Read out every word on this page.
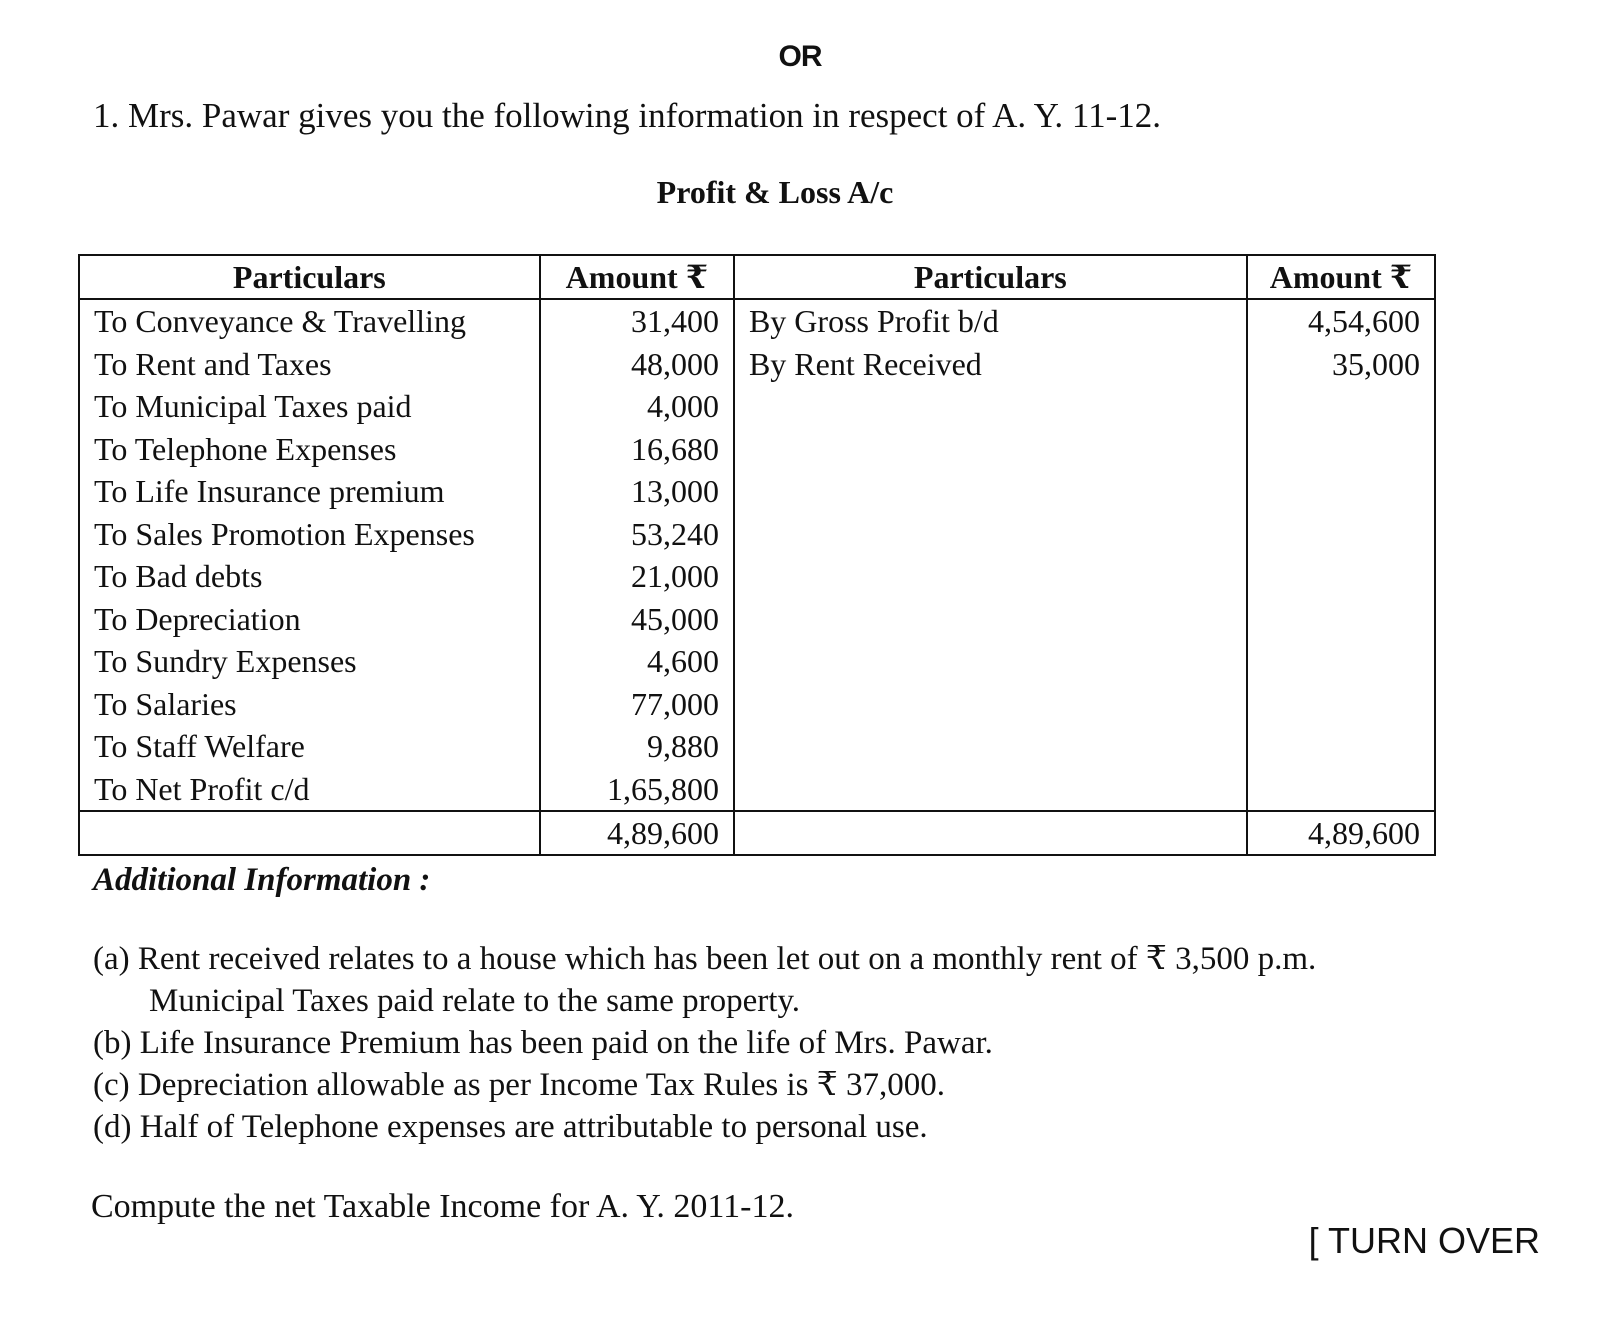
OR
1. Mrs. Pawar gives you the following information in respect of A. Y. 11-12.
Profit & Loss A/c
Particulars	Amount ₹	Particulars	Amount ₹
To Conveyance & Travelling	31,400	By Gross Profit b/d	4,54,600
To Rent and Taxes	48,000	By Rent Received	35,000
To Municipal Taxes paid	4,000		
To Telephone Expenses	16,680		
To Life Insurance premium	13,000		
To Sales Promotion Expenses	53,240		
To Bad debts	21,000		
To Depreciation	45,000		
To Sundry Expenses	4,600		
To Salaries	77,000		
To Staff Welfare	9,880		
To Net Profit c/d	1,65,800		
	4,89,600		4,89,600
Additional Information :
(a) Rent received relates to a house which has been let out on a monthly rent of ₹ 3,500 p.m.
Municipal Taxes paid relate to the same property.
(b) Life Insurance Premium has been paid on the life of Mrs. Pawar.
(c) Depreciation allowable as per Income Tax Rules is ₹ 37,000.
(d) Half of Telephone expenses are attributable to personal use.
Compute the net Taxable Income for A. Y. 2011-12.
[ TURN OVER
